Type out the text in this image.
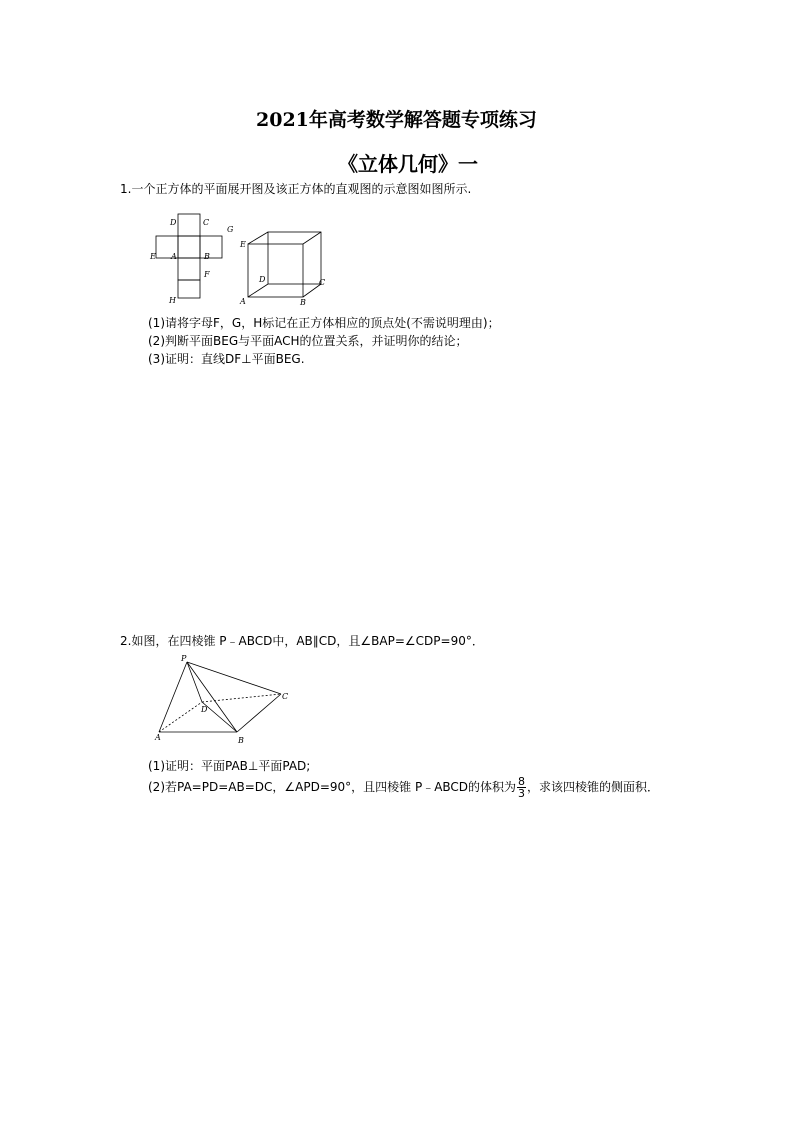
2021年高考数学解答题专项练习
《立体几何》一
1.一个正方体的平面展开图及该正方体的直观图的示意图如图所示.
D	C
G
E A	B
F
H
E
D	C
A	B
(1)请将字母F，G，H标记在正方体相应的顶点处(不需说明理由)；
(2)判断平面BEG与平面ACH的位置关系，并证明你的结论；
(3)证明：直线DF⊥平面BEG.
2.如图，在四棱锥 P﹣ABCD中，AB∥CD，且∠BAP=∠CDP=90°．
P
D
C
A	B
(1)证明：平面PAB⊥平面PAD;
(2)若PA=PD=AB=DC，∠APD=90°，且四棱锥 P﹣ABCD的体积为 $\frac{8}{3}$ ，求该四棱锥的侧面积．
